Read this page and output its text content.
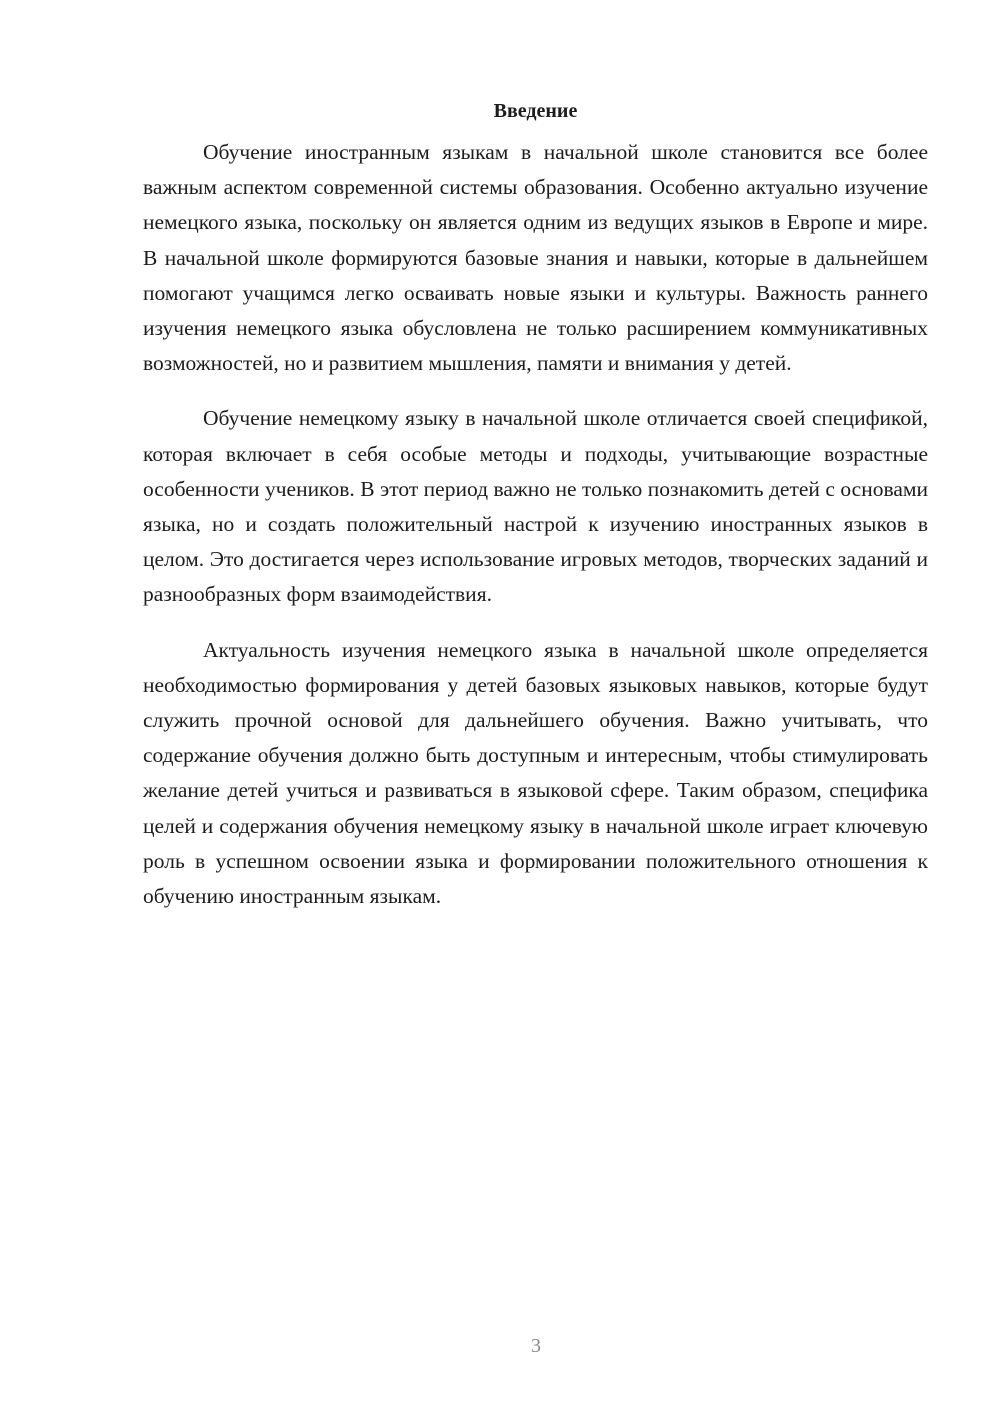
Введение

Обучение иностранным языкам в начальной школе становится все более важным аспектом современной системы образования. Особенно актуально изучение немецкого языка, поскольку он является одним из ведущих языков в Европе и мире. В начальной школе формируются базовые знания и навыки, которые в дальнейшем помогают учащимся легко осваивать новые языки и культуры. Важность раннего изучения немецкого языка обусловлена не только расширением коммуникативных возможностей, но и развитием мышления, памяти и внимания у детей.

Обучение немецкому языку в начальной школе отличается своей спецификой, которая включает в себя особые методы и подходы, учитывающие возрастные особенности учеников. В этот период важно не только познакомить детей с основами языка, но и создать положительный настрой к изучению иностранных языков в целом. Это достигается через использование игровых методов, творческих заданий и разнообразных форм взаимодействия.

Актуальность изучения немецкого языка в начальной школе определяется необходимостью формирования у детей базовых языковых навыков, которые будут служить прочной основой для дальнейшего обучения. Важно учитывать, что содержание обучения должно быть доступным и интересным, чтобы стимулировать желание детей учиться и развиваться в языковой сфере. Таким образом, специфика целей и содержания обучения немецкому языку в начальной школе играет ключевую роль в успешном освоении языка и формировании положительного отношения к обучению иностранным языкам.

3
